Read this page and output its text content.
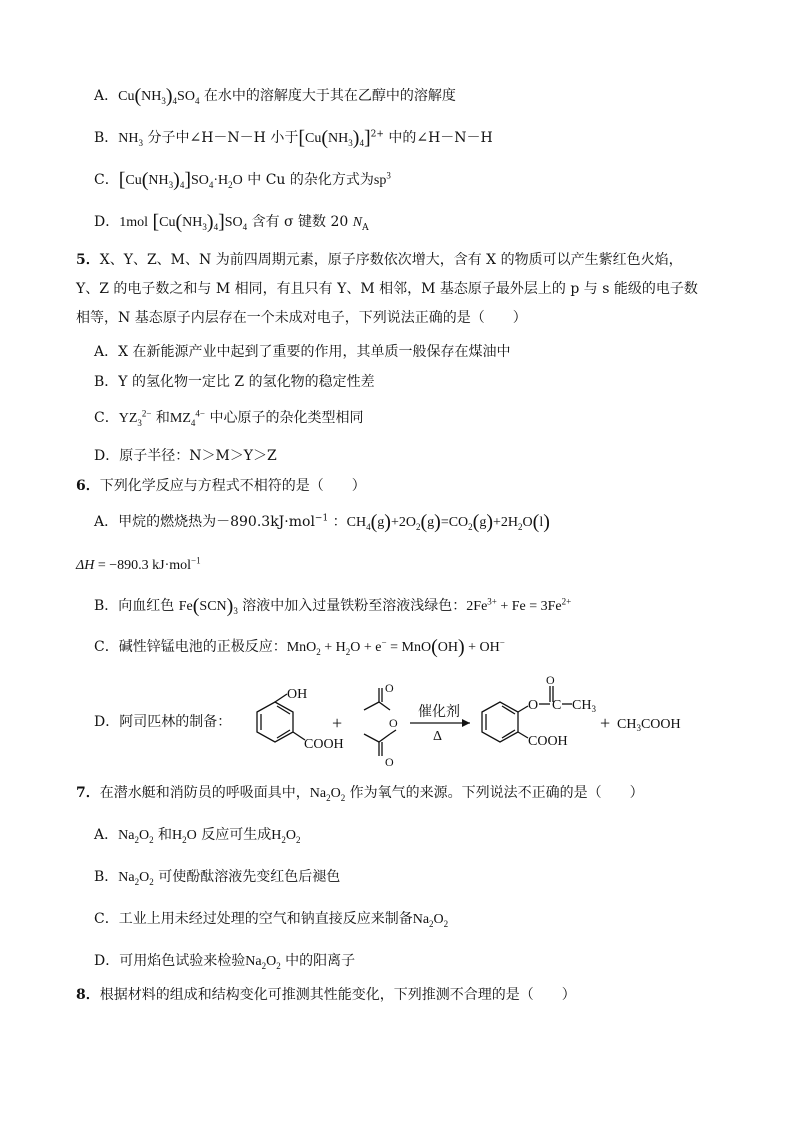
A．$Cu(NH_3)_4SO_4$ 在水中的溶解度大于其在乙醇中的溶解度
B．$NH_3$ 分子中∠H－N－H 小于$[Cu(NH_3)_4]^{2+}$ 中的∠H－N－H
C．$[Cu(NH_3)_4]SO_4\cdot H_2O$ 中 Cu 的杂化方式为$sp^3$
D．1mol $[Cu(NH_3)_4]SO_4$ 含有 σ 键数 20 $N_A$
5．X、Y、Z、M、N 为前四周期元素，原子序数依次增大，含有 X 的物质可以产生紫红色火焰，
Y、Z 的电子数之和与 M 相同，有且只有 Y、M 相邻，M 基态原子最外层上的 p 与 s 能级的电子数
相等，N 基态原子内层存在一个未成对电子，下列说法正确的是（　　）
A．X 在新能源产业中起到了重要的作用，其单质一般保存在煤油中
B．Y 的氢化物一定比 Z 的氢化物的稳定性差
C．$YZ_3^{2-}$ 和$MZ_4^{4-}$ 中心原子的杂化类型相同
D．原子半径：N＞M＞Y＞Z
6．下列化学反应与方程式不相符的是（　　）
A．甲烷的燃烧热为－890.3kJ·mol$^{-1}$ ：$CH_4(g)+2O_2(g)=CO_2(g)+2H_2O(l)$
ΔH = −890.3 kJ·mol$^{-1}$
B．向血红色 $Fe(SCN)_3$ 溶液中加入过量铁粉至溶液浅绿色：$2Fe^{3+} + Fe = 3Fe^{2+}$
C．碱性锌锰电池的正极反应：$MnO_2 + H_2O + e^- = MnO(OH) + OH^-$
D．阿司匹林的制备：
OH
COOH
+
O
O
O
催化剂
Δ
O
O
C $CH_3$
COOH
+ $CH_3COOH$
7．在潜水艇和消防员的呼吸面具中，$Na_2O_2$ 作为氧气的来源。下列说法不正确的是（　　）
A．$Na_2O_2$ 和$H_2O$ 反应可生成$H_2O_2$
B．$Na_2O_2$ 可使酚酞溶液先变红色后褪色
C．工业上用未经过处理的空气和钠直接反应来制备$Na_2O_2$
D．可用焰色试验来检验$Na_2O_2$ 中的阳离子
8．根据材料的组成和结构变化可推测其性能变化，下列推测不合理的是（　　）
